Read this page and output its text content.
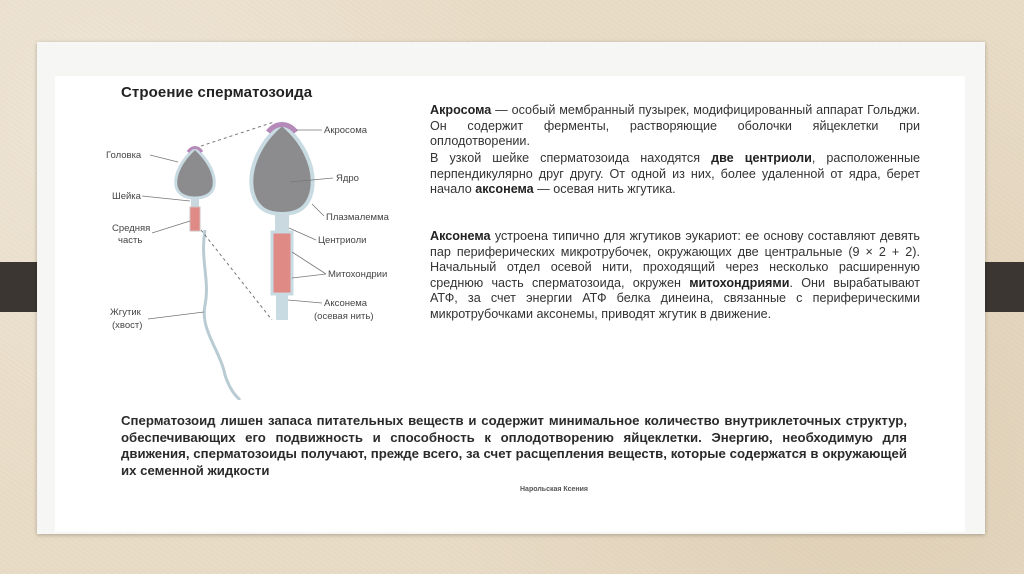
Строение сперматозоида
Головка
Шейка
Средняя
часть
Жгутик
(хвост)
Акросома
Ядро
Плазмалемма
Центриоли
Митохондрии
Аксонема
(осевая нить)
Акросома — особый мембранный пузырек, модифицированный аппарат Гольджи. Он содержит ферменты, растворяющие оболочки яйцеклетки при оплодотворении.
В узкой шейке сперматозоида находятся две центриоли, расположенные перпендикулярно друг другу. От одной из них, более удаленной от ядра, берет начало аксонема — осевая нить жгутика.
Аксонема устроена типично для жгутиков эукариот: ее основу составляют девять пар периферических микротрубочек, окружающих две центральные (9 × 2 + 2). Начальный отдел осевой нити, проходящий через несколько расширенную среднюю часть сперматозоида, окружен митохондриями. Они вырабатывают АТФ, за счет энергии АТФ белка динеина, связанные с периферическими микротрубочками аксонемы, приводят жгутик в движение.
Сперматозоид лишен запаса питательных веществ и содержит минимальное количество внутриклеточных структур, обеспечивающих его подвижность и способность к оплодотворению яйцеклетки. Энергию, необходимую для движения, сперматозоиды получают, прежде всего, за счет расщепления веществ, которые содержатся в окружающей их семенной жидкости
Нарольская Ксения
